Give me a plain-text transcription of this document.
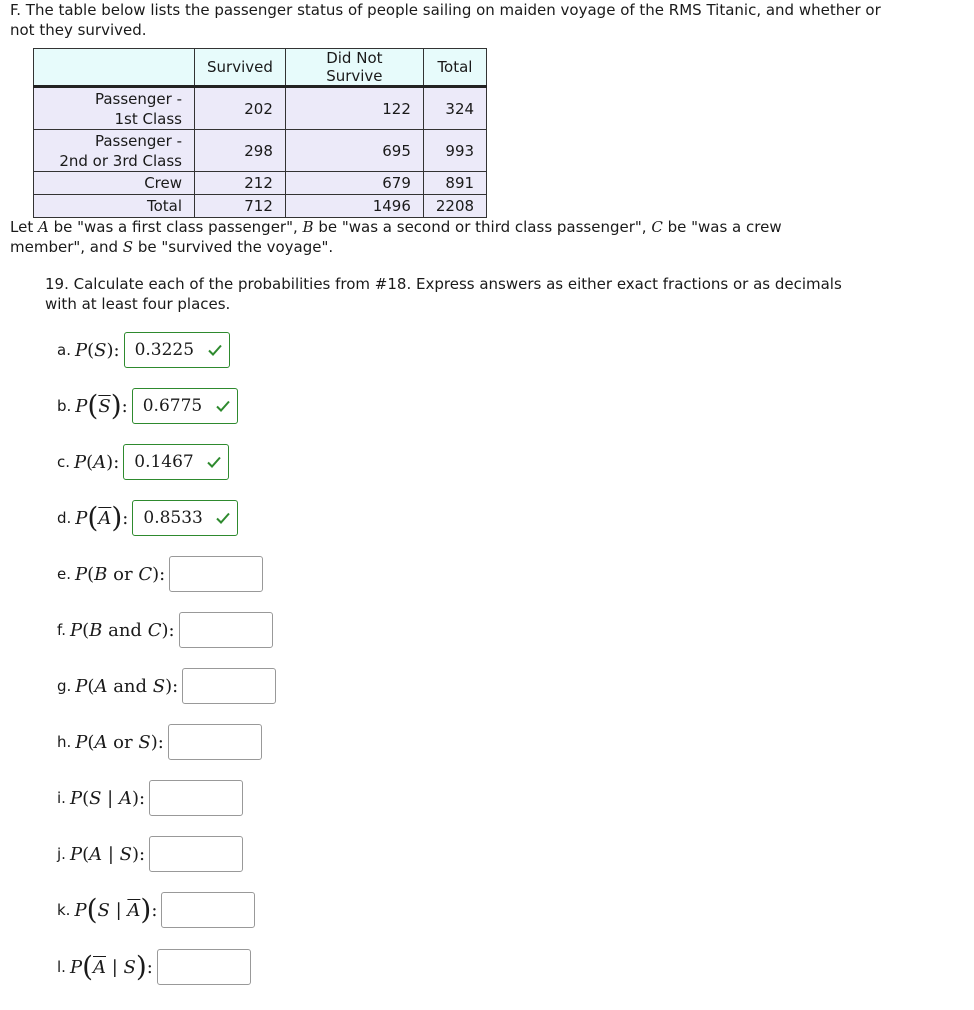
F. The table below lists the passenger status of people sailing on maiden voyage of the RMS Titanic, and whether or not they survived.
	Survived	Did Not Survive	Total
Passenger -
1st Class	202	122	324
Passenger -
2nd or 3rd Class	298	695	993
Crew	212	679	891
Total	712	1496	2208
Let A be "was a first class passenger", B be "was a second or third class passenger", C be "was a crew member", and S be "survived the voyage".
19. Calculate each of the probabilities from #18. Express answers as either exact fractions or as decimals with at least four places.
a. P(S): 0.3225
b. $P(\overline{S})$: 0.6775
c. P(A): 0.1467
d. $P(\overline{A})$: 0.8533
e. P(B or C):
f. P(B and C):
g. P(A and S):
h. P(A or S):
i. P(S | A):
j. P(A | S):
k. P(S | $\overline{A}$):
l. $P(\overline{A}$ | S):
